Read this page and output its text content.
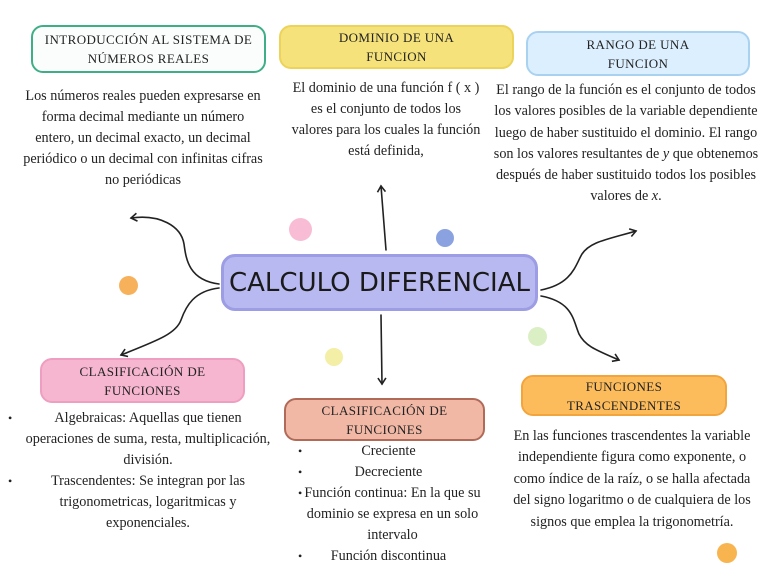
CALCULO DIFERENCIAL
INTRODUCCIÓN AL SISTEMA DE NÚMEROS REALES
Los números reales pueden expresarse en forma decimal mediante un número entero, un decimal exacto, un decimal periódico o un decimal con infinitas cifras no periódicas
DOMINIO DE UNA FUNCION
El dominio de una función f ( x ) es el conjunto de todos los valores para los cuales la función está definida,
RANGO DE UNA FUNCION
El rango de la función es el conjunto de todos los valores posibles de la variable dependiente luego de haber sustituido el dominio. El rango son los valores resultantes de y que obtenemos después de haber sustituido todos los posibles valores de x.
CLASIFICACIÓN DE FUNCIONES
• Algebraicas: Aquellas que tienen operaciones de suma, resta, multiplicación, división.
• Trascendentes: Se integran por las trigonometricas, logaritmicas y exponenciales.
CLASIFICACIÓN DE FUNCIONES
• Creciente
• Decreciente
• Función continua: En la que su dominio se expresa en un solo intervalo
• Función discontinua
FUNCIONES TRASCENDENTES
En las funciones trascendentes la variable independiente figura como exponente, o como índice de la raíz, o se halla afectada del signo logaritmo o de cualquiera de los signos que emplea la trigonometría.
